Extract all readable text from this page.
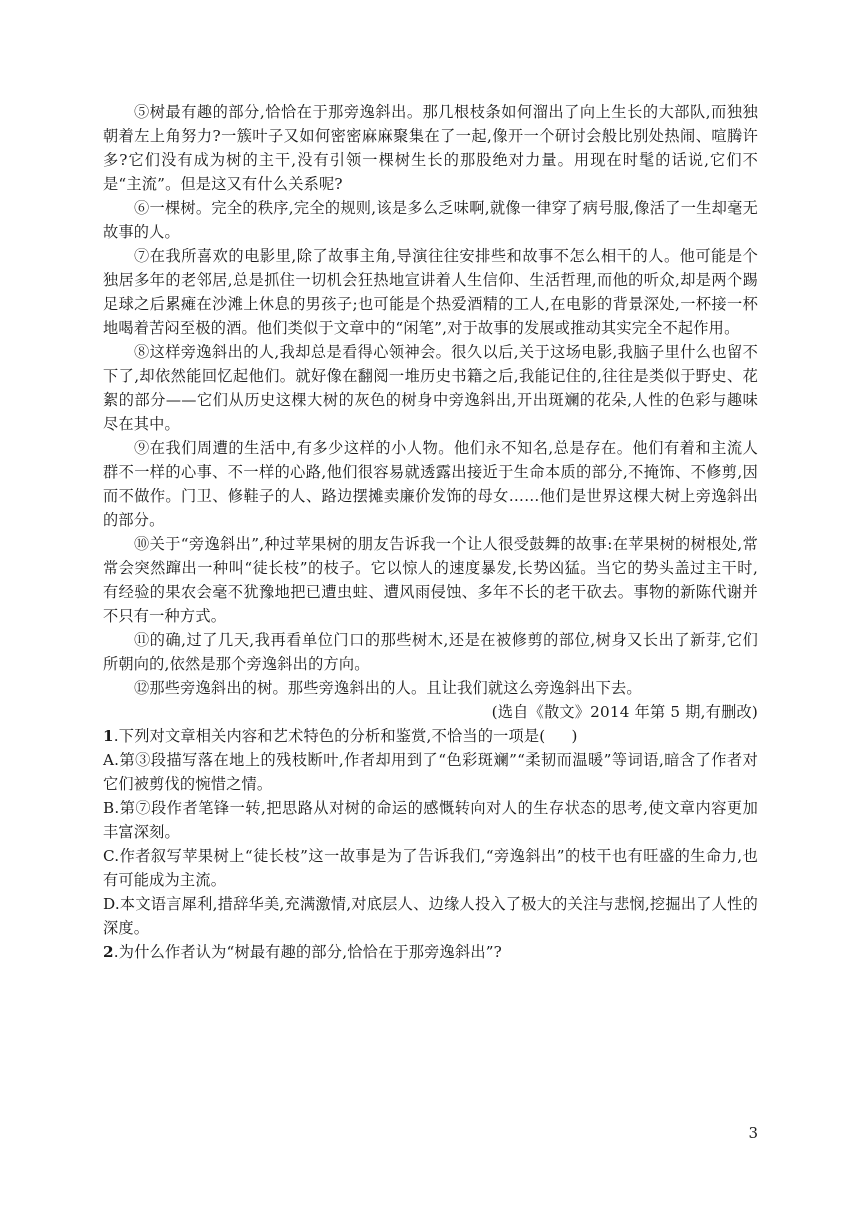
⑤树最有趣的部分,恰恰在于那旁逸斜出。那几根枝条如何溜出了向上生长的大部队,而独独朝着左上角努力?一簇叶子又如何密密麻麻聚集在了一起,像开一个研讨会般比别处热闹、喧腾许多?它们没有成为树的主干,没有引领一棵树生长的那股绝对力量。用现在时髦的话说,它们不是“主流”。但是这又有什么关系呢?

⑥一棵树。完全的秩序,完全的规则,该是多么乏味啊,就像一律穿了病号服,像活了一生却毫无故事的人。

⑦在我所喜欢的电影里,除了故事主角,导演往往安排些和故事不怎么相干的人。他可能是个独居多年的老邻居,总是抓住一切机会狂热地宣讲着人生信仰、生活哲理,而他的听众,却是两个踢足球之后累瘫在沙滩上休息的男孩子;也可能是个热爱酒精的工人,在电影的背景深处,一杯接一杯地喝着苦闷至极的酒。他们类似于文章中的“闲笔”,对于故事的发展或推动其实完全不起作用。

⑧这样旁逸斜出的人,我却总是看得心领神会。很久以后,关于这场电影,我脑子里什么也留不下了,却依然能回忆起他们。就好像在翻阅一堆历史书籍之后,我能记住的,往往是类似于野史、花絮的部分——它们从历史这棵大树的灰色的树身中旁逸斜出,开出斑斓的花朵,人性的色彩与趣味尽在其中。

⑨在我们周遭的生活中,有多少这样的小人物。他们永不知名,总是存在。他们有着和主流人群不一样的心事、不一样的心路,他们很容易就透露出接近于生命本质的部分,不掩饰、不修剪,因而不做作。门卫、修鞋子的人、路边摆摊卖廉价发饰的母女……他们是世界这棵大树上旁逸斜出的部分。

⑩关于“旁逸斜出”,种过苹果树的朋友告诉我一个让人很受鼓舞的故事:在苹果树的树根处,常常会突然蹿出一种叫“徒长枝”的枝子。它以惊人的速度暴发,长势凶猛。当它的势头盖过主干时,有经验的果农会毫不犹豫地把已遭虫蛀、遭风雨侵蚀、多年不长的老干砍去。事物的新陈代谢并不只有一种方式。

⑪的确,过了几天,我再看单位门口的那些树木,还是在被修剪的部位,树身又长出了新芽,它们所朝向的,依然是那个旁逸斜出的方向。

⑫那些旁逸斜出的树。那些旁逸斜出的人。且让我们就这么旁逸斜出下去。

(选自《散文》2014 年第 5 期,有删改)

1.下列对文章相关内容和艺术特色的分析和鉴赏,不恰当的一项是( )

A.第③段描写落在地上的残枝断叶,作者却用到了“色彩斑斓”“柔韧而温暖”等词语,暗含了作者对它们被剪伐的惋惜之情。

B.第⑦段作者笔锋一转,把思路从对树的命运的感慨转向对人的生存状态的思考,使文章内容更加丰富深刻。

C.作者叙写苹果树上“徒长枝”这一故事是为了告诉我们,“旁逸斜出”的枝干也有旺盛的生命力,也有可能成为主流。

D.本文语言犀利,措辞华美,充满激情,对底层人、边缘人投入了极大的关注与悲悯,挖掘出了人性的深度。

2.为什么作者认为“树最有趣的部分,恰恰在于那旁逸斜出”?

3
